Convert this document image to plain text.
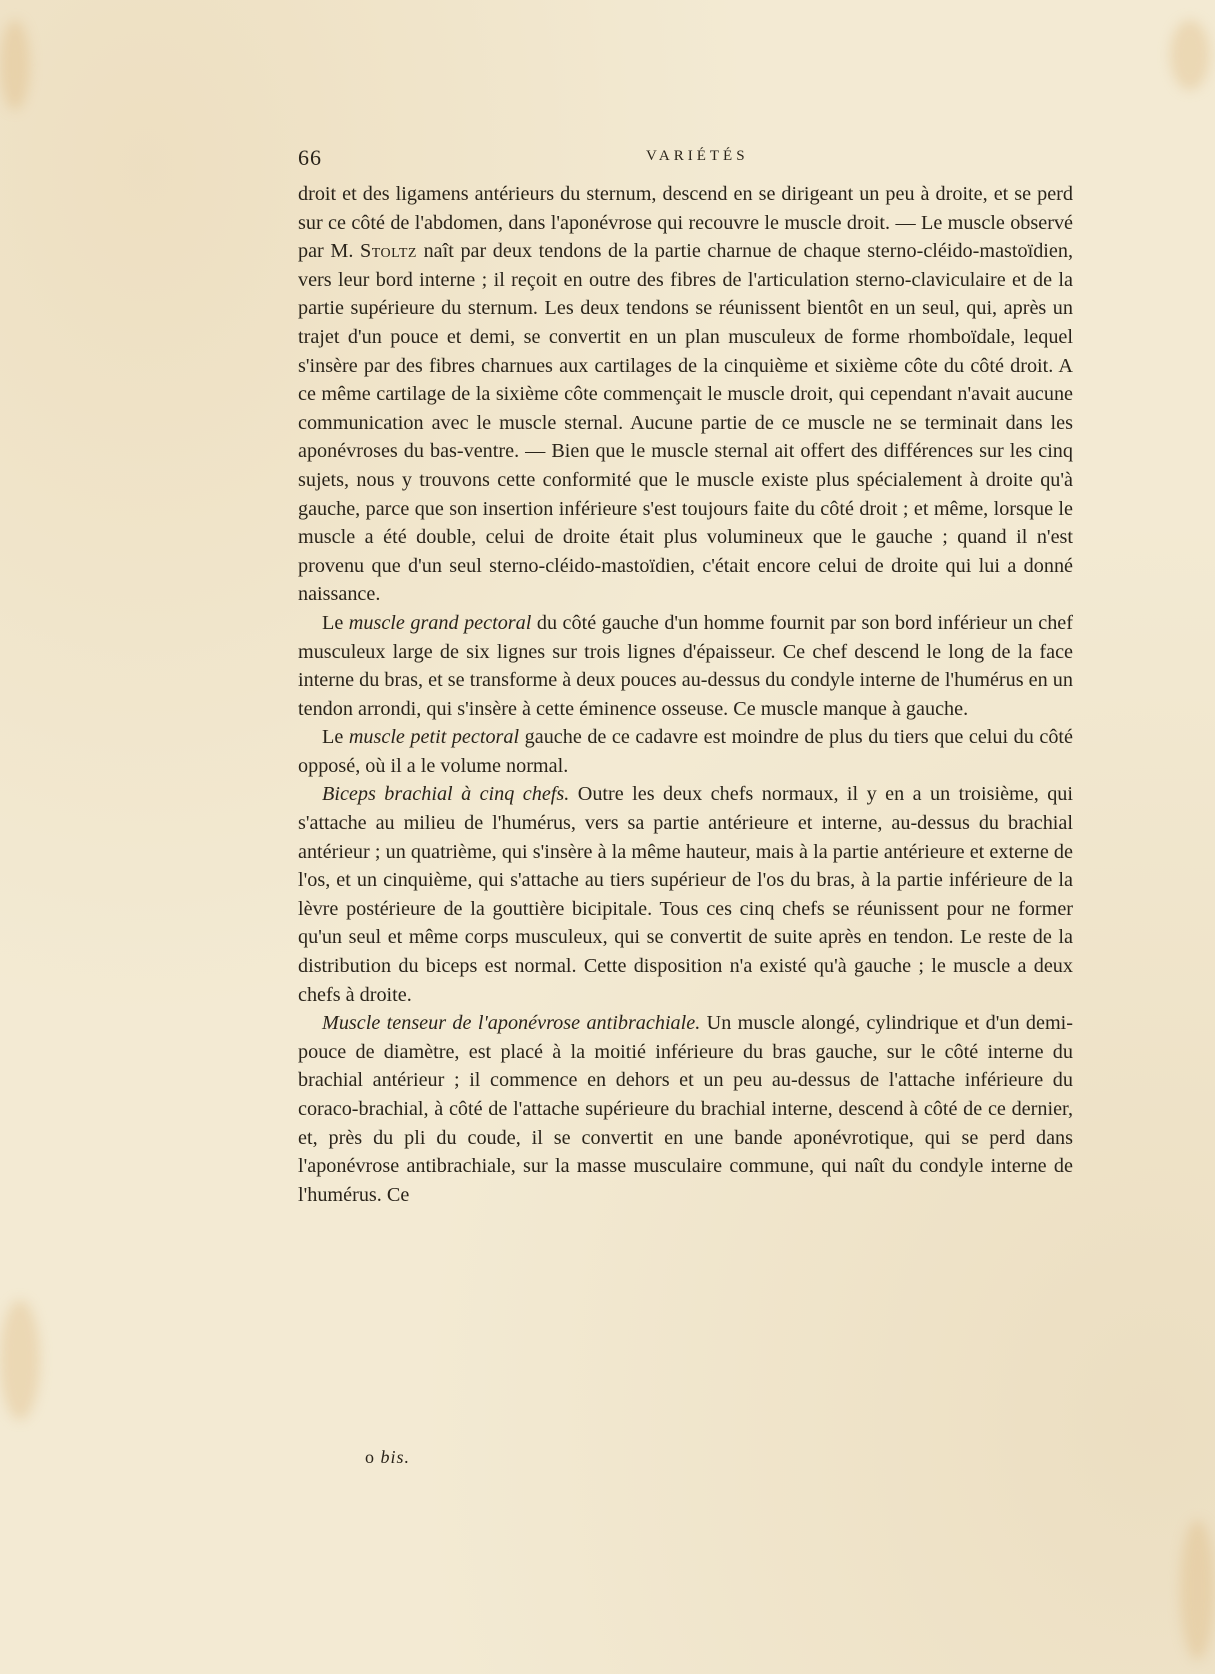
66	VARIÉTÉS

droit et des ligamens antérieurs du sternum, descend en se dirigeant un peu à droite, et se perd sur ce côté de l'abdomen, dans l'aponévrose qui recouvre le muscle droit. — Le muscle observé par M. Stoltz naît par deux tendons de la partie charnue de chaque sterno-cléido-mastoïdien, vers leur bord interne ; il reçoit en outre des fibres de l'articulation sterno-claviculaire et de la partie supérieure du sternum. Les deux tendons se réunissent bientôt en un seul, qui, après un trajet d'un pouce et demi, se convertit en un plan musculeux de forme rhomboïdale, lequel s'insère par des fibres charnues aux cartilages de la cinquième et sixième côte du côté droit. A ce même cartilage de la sixième côte commençait le muscle droit, qui cependant n'avait aucune communication avec le muscle sternal. Aucune partie de ce muscle ne se terminait dans les aponévroses du bas-ventre. — Bien que le muscle sternal ait offert des différences sur les cinq sujets, nous y trouvons cette conformité que le muscle existe plus spécialement à droite qu'à gauche, parce que son insertion inférieure s'est toujours faite du côté droit ; et même, lorsque le muscle a été double, celui de droite était plus volumineux que le gauche ; quand il n'est provenu que d'un seul sterno-cléido-mastoïdien, c'était encore celui de droite qui lui a donné naissance.

Le muscle grand pectoral du côté gauche d'un homme fournit par son bord inférieur un chef musculeux large de six lignes sur trois lignes d'épaisseur. Ce chef descend le long de la face interne du bras, et se transforme à deux pouces au-dessus du condyle interne de l'humérus en un tendon arrondi, qui s'insère à cette éminence osseuse. Ce muscle manque à gauche.

Le muscle petit pectoral gauche de ce cadavre est moindre de plus du tiers que celui du côté opposé, où il a le volume normal.

Biceps brachial à cinq chefs. Outre les deux chefs normaux, il y en a un troisième, qui s'attache au milieu de l'humérus, vers sa partie antérieure et interne, au-dessus du brachial antérieur ; un quatrième, qui s'insère à la même hauteur, mais à la partie antérieure et externe de l'os, et un cinquième, qui s'attache au tiers supérieur de l'os du bras, à la partie inférieure de la lèvre postérieure de la gouttière bicipitale. Tous ces cinq chefs se réunissent pour ne former qu'un seul et même corps musculeux, qui se convertit de suite après en tendon. Le reste de la distribution du biceps est normal. Cette disposition n'a existé qu'à gauche ; le muscle a deux chefs à droite.

Muscle tenseur de l'aponévrose antibrachiale. Un muscle alongé, cylindrique et d'un demi-pouce de diamètre, est placé à la moitié inférieure du bras gauche, sur le côté interne du brachial antérieur ; il commence en dehors et un peu au-dessus de l'attache inférieure du coraco-brachial, à côté de l'attache supérieure du brachial interne, descend à côté de ce dernier, et, près du pli du coude, il se convertit en une bande aponévrotique, qui se perd dans l'aponévrose antibrachiale, sur la masse musculaire commune, qui naît du condyle interne de l'humérus. Ce

o bis.
